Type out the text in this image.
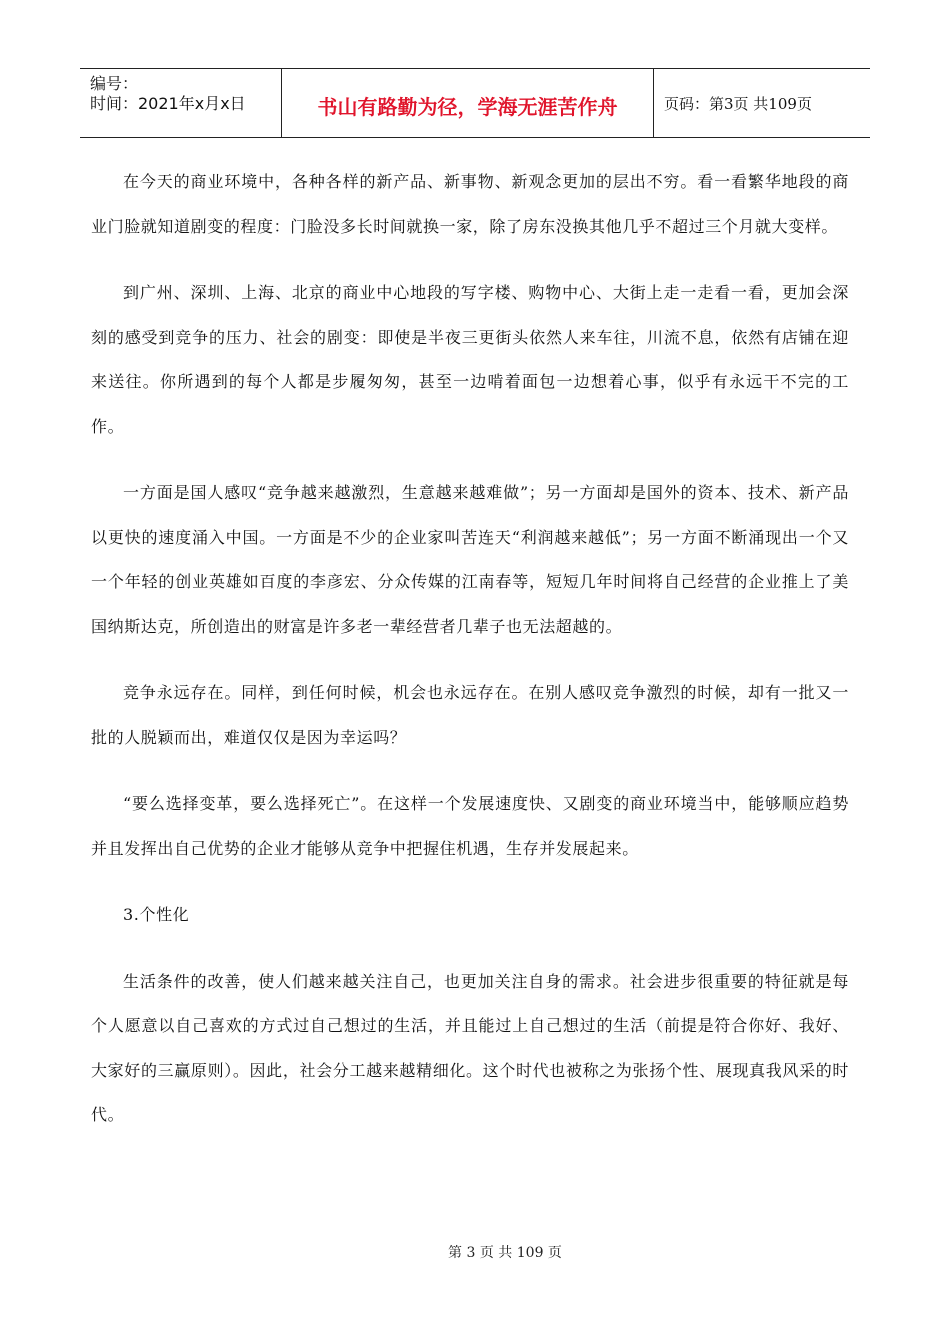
编号：
时间：2021年x月x日	书山有路勤为径，学海无涯苦作舟	页码：第3页 共109页

在今天的商业环境中，各种各样的新产品、新事物、新观念更加的层出不穷。看一看繁华地段的商业门脸就知道剧变的程度：门脸没多长时间就换一家，除了房东没换其他几乎不超过三个月就大变样。

到广州、深圳、上海、北京的商业中心地段的写字楼、购物中心、大街上走一走看一看，更加会深刻的感受到竞争的压力、社会的剧变：即使是半夜三更街头依然人来车往，川流不息，依然有店铺在迎来送往。你所遇到的每个人都是步履匆匆，甚至一边啃着面包一边想着心事，似乎有永远干不完的工作。

一方面是国人感叹“竞争越来越激烈，生意越来越难做”；另一方面却是国外的资本、技术、新产品以更快的速度涌入中国。一方面是不少的企业家叫苦连天“利润越来越低”；另一方面不断涌现出一个又一个年轻的创业英雄如百度的李彦宏、分众传媒的江南春等，短短几年时间将自己经营的企业推上了美国纳斯达克，所创造出的财富是许多老一辈经营者几辈子也无法超越的。

竞争永远存在。同样，到任何时候，机会也永远存在。在别人感叹竞争激烈的时候，却有一批又一批的人脱颖而出，难道仅仅是因为幸运吗？

“要么选择变革，要么选择死亡”。在这样一个发展速度快、又剧变的商业环境当中，能够顺应趋势并且发挥出自己优势的企业才能够从竞争中把握住机遇，生存并发展起来。

3.个性化

生活条件的改善，使人们越来越关注自己，也更加关注自身的需求。社会进步很重要的特征就是每个人愿意以自己喜欢的方式过自己想过的生活，并且能过上自己想过的生活（前提是符合你好、我好、大家好的三赢原则）。因此，社会分工越来越精细化。这个时代也被称之为张扬个性、展现真我风采的时代。

第 3 页 共 109 页
